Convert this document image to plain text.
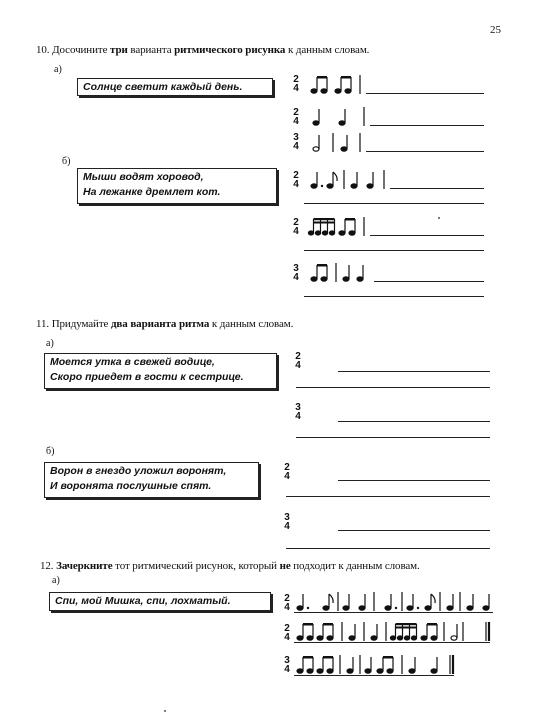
25
10. Досочините три варианта ритмического рисунка к данным словам.
а)
Солнце светит каждый день.
б)
Мыши водят хоровод,
На лежанке дремлет кот.
2
4
2
4
3
4
2
4
2
4
3
4
11. Придумайте два варианта ритма к данным словам.
а)
Моется утка в свежей водице,
Скоро приедет в гости к сестрице.
2
4
3
4
б)
Ворон в гнездо уложил воронят,
И воронята послушные спят.
2
4
3
4
12. Зачеркните тот ритмический рисунок, который не подходит к данным словам.
а)
Спи, мой Мишка, спи, лохматый.	2
4
2
4
3
4
